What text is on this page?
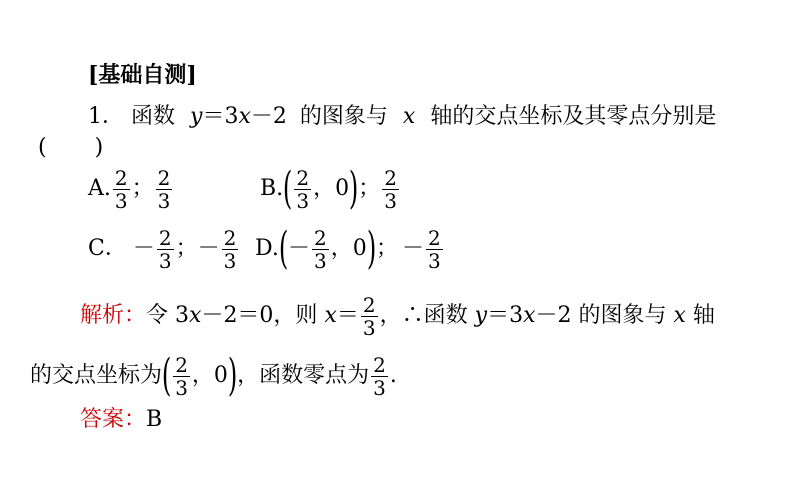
[基础自测]
1． 函数 y＝3x－2 的图象与 x 轴的交点坐标及其零点分别是
( )
A. $\frac{2}{3}$ ； $\frac{2}{3}$	$B.( \frac{2}{3}$ ，0)； $\frac{2}{3}$
C． － $\frac{2}{3}$ ；－ $\frac{2}{3} D.(- \frac{2}{3}$ ，0)； － $\frac{2}{3}$
解析：令 3x－2＝0，则 $x= \frac{2}{3}$ ，∴函数 y＝3x－2 的图象与 x 轴
的交点坐标为( $\frac{2}{3}$ ，0)，函数零点为 $\frac{2}{3}$ .
答案：B
